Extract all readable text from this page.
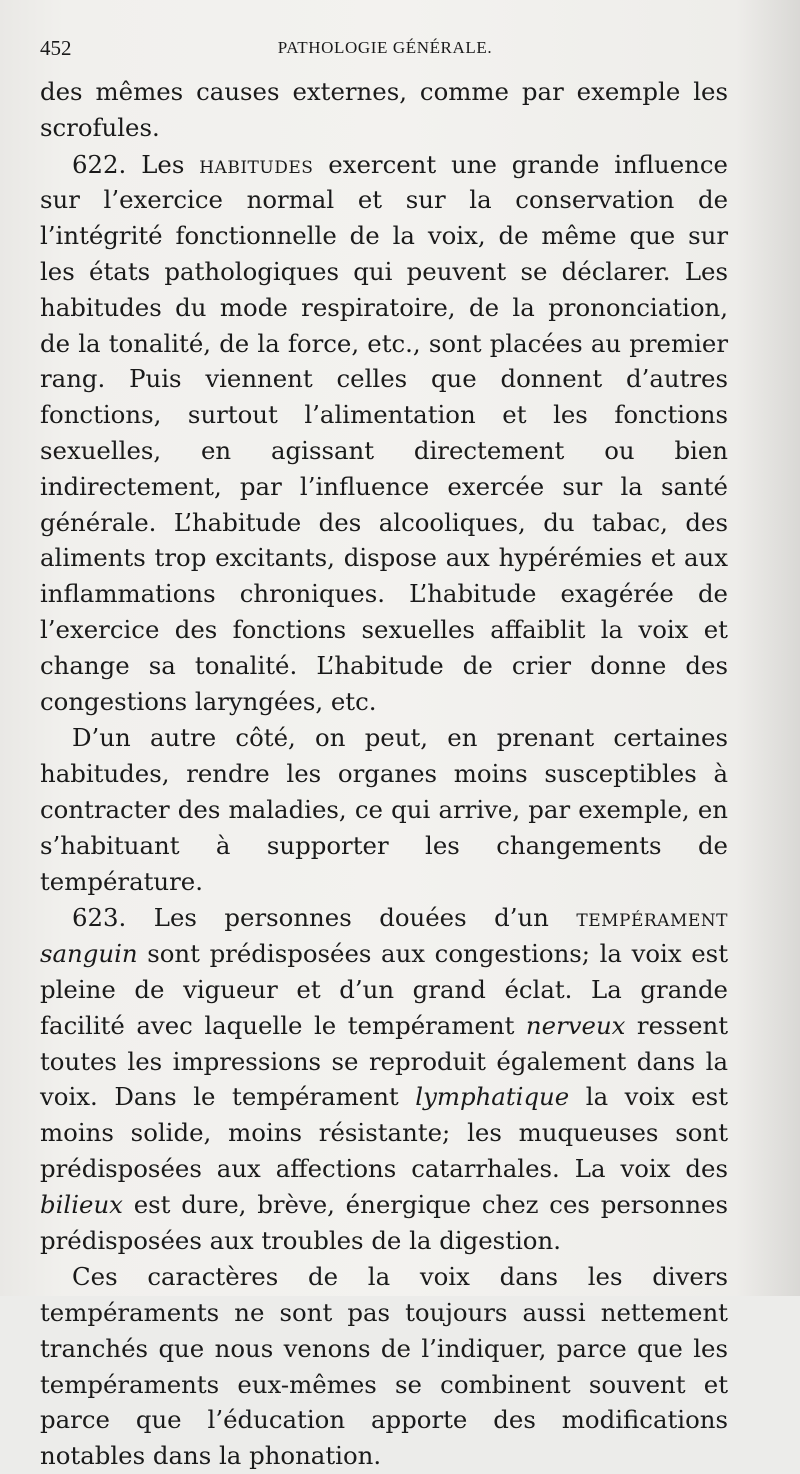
452	PATHOLOGIE GÉNÉRALE.

des mêmes causes externes, comme par exemple les scrofules.

622. Les habitudes exercent une grande influence sur l’exercice normal et sur la conservation de l’intégrité fonctionnelle de la voix, de même que sur les états pathologiques qui peuvent se déclarer. Les habitudes du mode respiratoire, de la prononciation, de la tonalité, de la force, etc., sont placées au premier rang. Puis viennent celles que donnent d’autres fonctions, surtout l’alimentation et les fonctions sexuelles, en agissant directement ou bien indirectement, par l’influence exercée sur la santé générale. L’habitude des alcooliques, du tabac, des aliments trop excitants, dispose aux hypérémies et aux inflammations chroniques. L’habitude exagérée de l’exercice des fonctions sexuelles affaiblit la voix et change sa tonalité. L’habitude de crier donne des congestions laryngées, etc.

D’un autre côté, on peut, en prenant certaines habitudes, rendre les organes moins susceptibles à contracter des maladies, ce qui arrive, par exemple, en s’habituant à supporter les changements de température.

623. Les personnes douées d’un tempérament sanguin sont prédisposées aux congestions; la voix est pleine de vigueur et d’un grand éclat. La grande facilité avec laquelle le tempérament nerveux ressent toutes les impressions se reproduit également dans la voix. Dans le tempérament lymphatique la voix est moins solide, moins résistante; les muqueuses sont prédisposées aux affections catarrhales. La voix des bilieux est dure, brève, énergique chez ces personnes prédisposées aux troubles de la digestion.

Ces caractères de la voix dans les divers tempéraments ne sont pas toujours aussi nettement tranchés que nous venons de l’indiquer, parce que les tempéraments eux-mêmes se combinent souvent et parce que l’éducation apporte des modifications notables dans la phonation.
